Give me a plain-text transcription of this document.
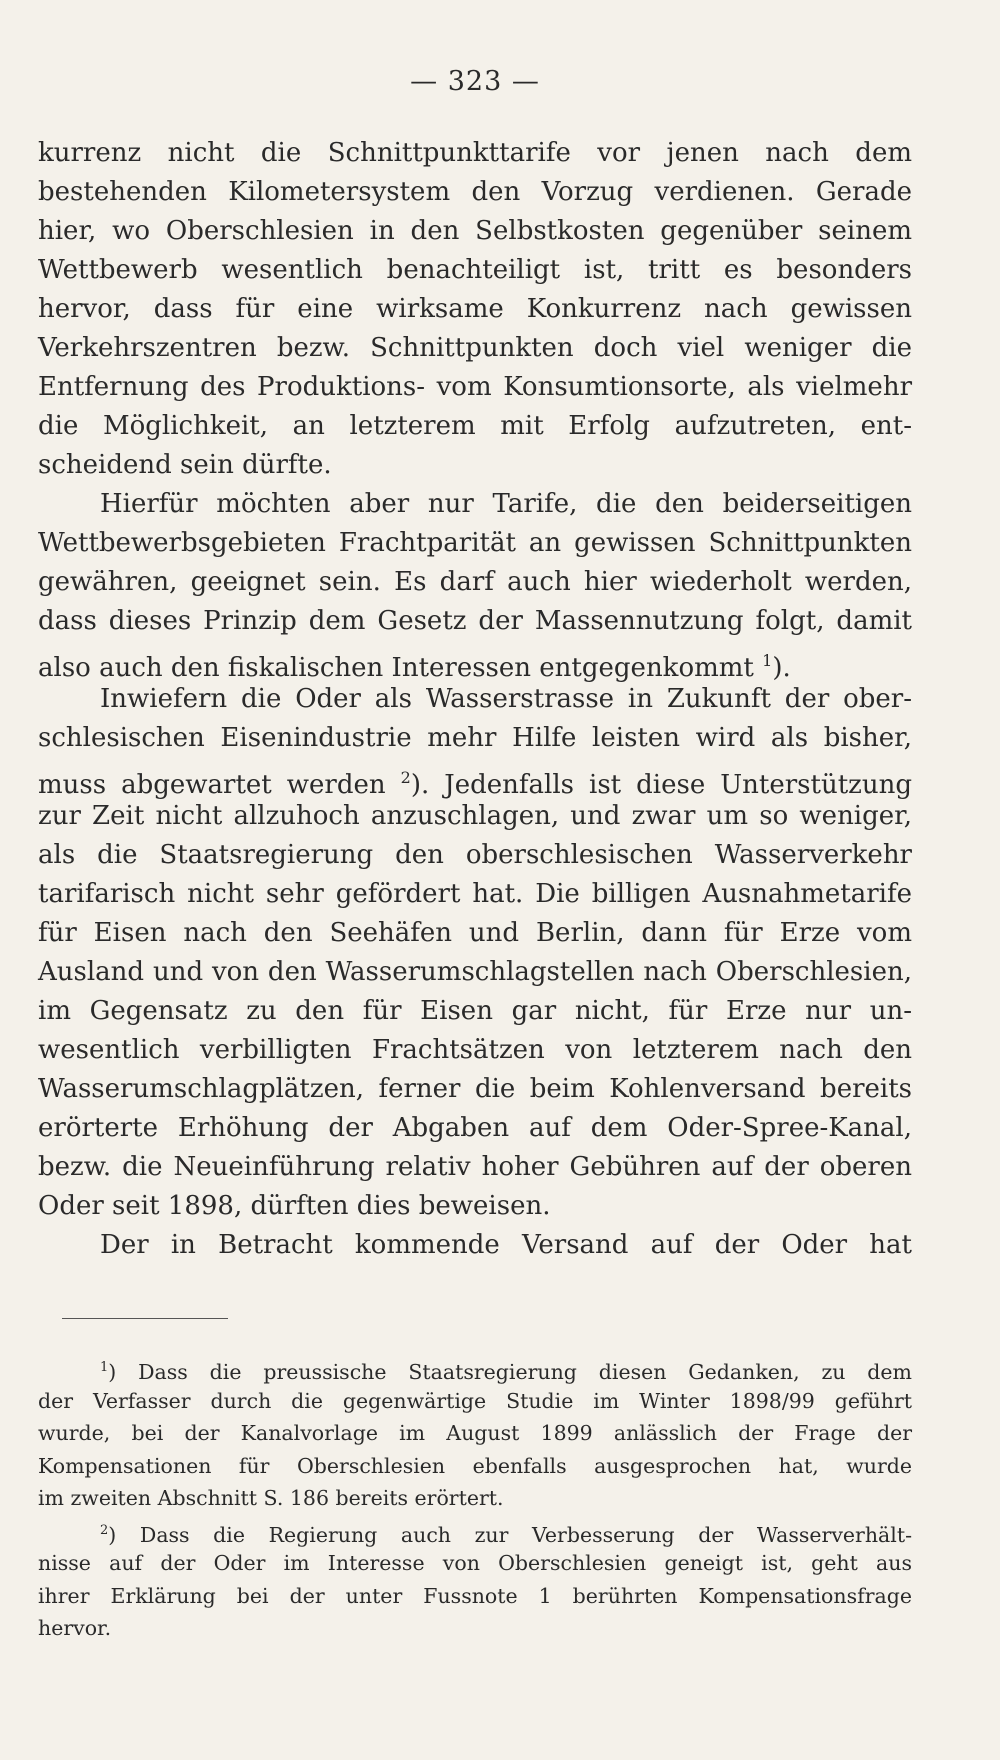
— 323 —
kurrenz nicht die Schnittpunkttarife vor jenen nach dem
bestehenden Kilometersystem den Vorzug verdienen. Gerade
hier, wo Oberschlesien in den Selbstkosten gegenüber seinem
Wettbewerb wesentlich benachteiligt ist, tritt es besonders
hervor, dass für eine wirksame Konkurrenz nach gewissen
Verkehrszentren bezw. Schnittpunkten doch viel weniger die
Entfernung des Produktions- vom Konsumtionsorte, als vielmehr
die Möglichkeit, an letzterem mit Erfolg aufzutreten, ent-
scheidend sein dürfte.
Hierfür möchten aber nur Tarife, die den beiderseitigen
Wettbewerbsgebieten Frachtparität an gewissen Schnittpunkten
gewähren, geeignet sein. Es darf auch hier wiederholt werden,
dass dieses Prinzip dem Gesetz der Massennutzung folgt, damit
also auch den fiskalischen Interessen entgegenkommt $^1$).
Inwiefern die Oder als Wasserstrasse in Zukunft der ober-
schlesischen Eisenindustrie mehr Hilfe leisten wird als bisher,
muss abgewartet werden $^2$). Jedenfalls ist diese Unterstützung
zur Zeit nicht allzuhoch anzuschlagen, und zwar um so weniger,
als die Staatsregierung den oberschlesischen Wasserverkehr
tarifarisch nicht sehr gefördert hat. Die billigen Ausnahmetarife
für Eisen nach den Seehäfen und Berlin, dann für Erze vom
Ausland und von den Wasserumschlagstellen nach Oberschlesien,
im Gegensatz zu den für Eisen gar nicht, für Erze nur un-
wesentlich verbilligten Frachtsätzen von letzterem nach den
Wasserumschlagplätzen, ferner die beim Kohlenversand bereits
erörterte Erhöhung der Abgaben auf dem Oder-Spree-Kanal,
bezw. die Neueinführung relativ hoher Gebühren auf der oberen
Oder seit 1898, dürften dies beweisen.
Der in Betracht kommende Versand auf der Oder hat
$^1$) Dass die preussische Staatsregierung diesen Gedanken, zu dem
der Verfasser durch die gegenwärtige Studie im Winter 1898/99 geführt
wurde, bei der Kanalvorlage im August 1899 anlässlich der Frage der
Kompensationen für Oberschlesien ebenfalls ausgesprochen hat, wurde
im zweiten Abschnitt S. 186 bereits erörtert.
$^2$) Dass die Regierung auch zur Verbesserung der Wasserverhält-
nisse auf der Oder im Interesse von Oberschlesien geneigt ist, geht aus
ihrer Erklärung bei der unter Fussnote 1 berührten Kompensationsfrage
hervor.
